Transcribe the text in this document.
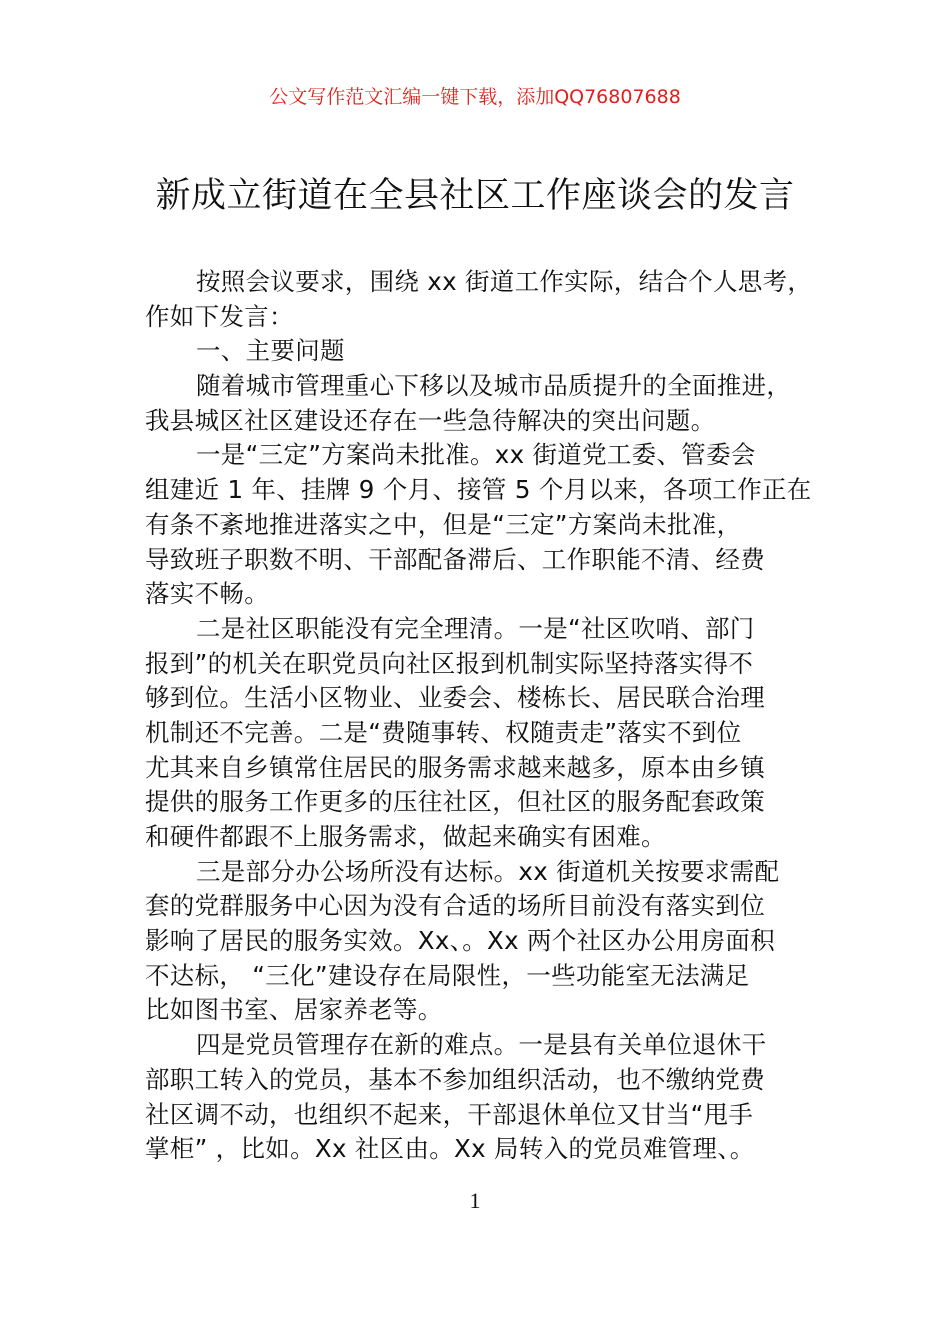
公文写作范文汇编一键下载，添加QQ76807688
新成立街道在全县社区工作座谈会的发言
按照会议要求，围绕 xx 街道工作实际，结合个人思考，
作如下发言：
一、主要问题
随着城市管理重心下移以及城市品质提升的全面推进，
我县城区社区建设还存在一些急待解决的突出问题。
一是“三定”方案尚未批准。xx 街道党工委、管委会
组建近 1 年、挂牌 9 个月、接管 5 个月以来，各项工作正在
有条不紊地推进落实之中，但是“三定”方案尚未批准，
导致班子职数不明、干部配备滞后、工作职能不清、经费
落实不畅。
二是社区职能没有完全理清。一是“社区吹哨、部门
报到”的机关在职党员向社区报到机制实际坚持落实得不
够到位。生活小区物业、业委会、楼栋长、居民联合治理
机制还不完善。二是“费随事转、权随责走”落实不到位
尤其来自乡镇常住居民的服务需求越来越多，原本由乡镇
提供的服务工作更多的压往社区，但社区的服务配套政策
和硬件都跟不上服务需求，做起来确实有困难。
三是部分办公场所没有达标。xx 街道机关按要求需配
套的党群服务中心因为没有合适的场所目前没有落实到位
影响了居民的服务实效。Xx、。Xx 两个社区办公用房面积
不达标， “三化”建设存在局限性，一些功能室无法满足
比如图书室、居家养老等。
四是党员管理存在新的难点。一是县有关单位退休干
部职工转入的党员，基本不参加组织活动，也不缴纳党费
社区调不动，也组织不起来，干部退休单位又甘当“甩手
掌柜” ，比如。Xx 社区由。Xx 局转入的党员难管理、。
1
